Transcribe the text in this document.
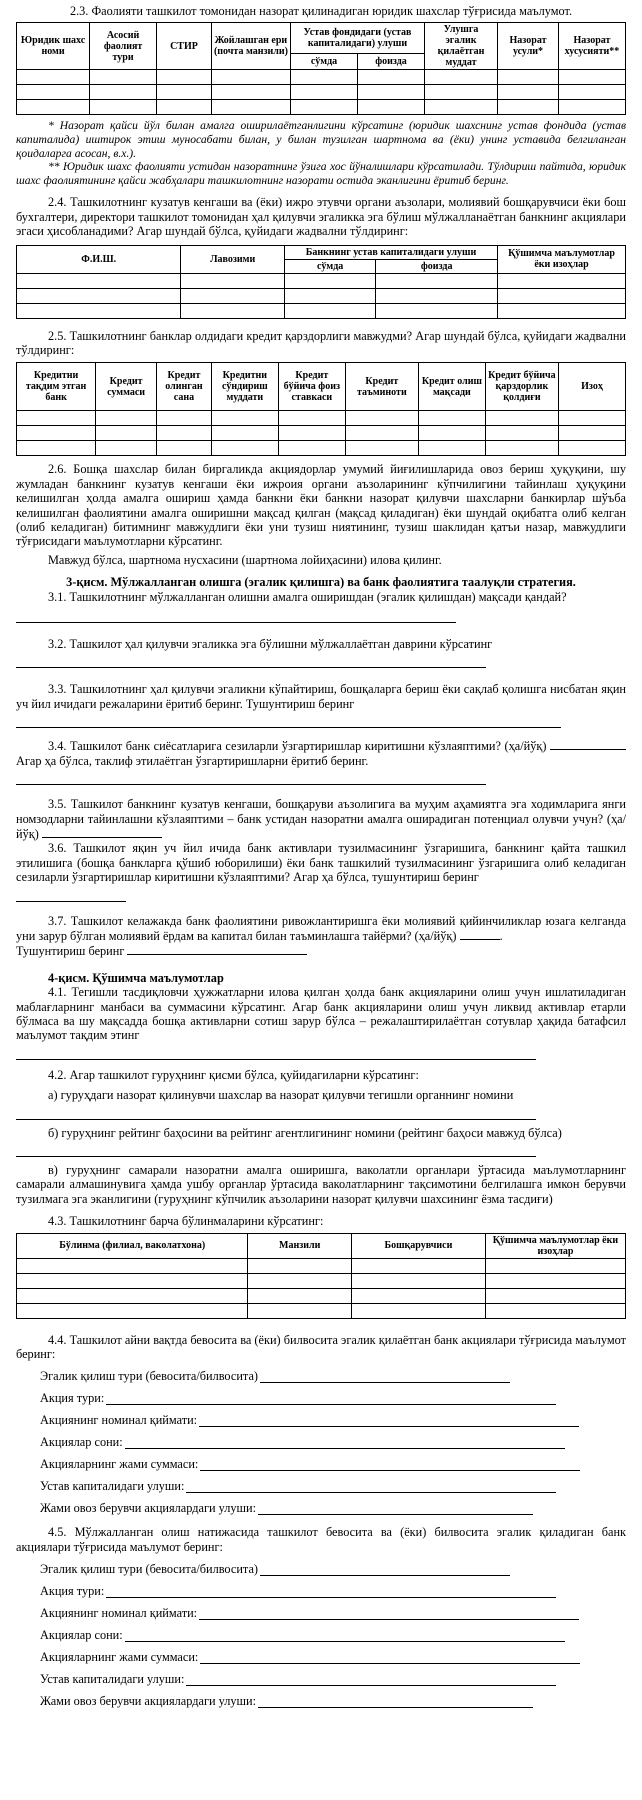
2.3. Фаолияти ташкилот томонидан назорат қилинадиган юридик шахслар тўғрисида маълумот.

Юридик шахс номи	Асосий фаолият тури	СТИР	Жойлашган ери (почта манзили)	Устав фондидаги (устав капиталидаги) улуши		Улушга эгалик қилаётган муддат	Назорат усули*	Назорат хусусияти**
				сўмда	фоизда			

* Назорат қайси йўл билан амалга оширилаётганлигини кўрсатинг (юридик шахснинг устав фондида (устав капиталида) иштирок этиш муносабати билан, у билан тузилган шартнома ва (ёки) унинг уставида белгиланган қоидаларга асосан, в.х.).

** Юридик шахс фаолияти устидан назоратнинг ўзига хос йўналишлари кўрсатилади. Тўлдириш пайтида, юридик шахс фаолиятининг қайси жабҳалари ташкилотнинг назорати остида эканлигини ёритиб беринг.

2.4. Ташкилотнинг кузатув кенгаши ва (ёки) ижро этувчи органи аъзолари, молиявий бошқарувчиси ёки бош бухгалтери, директори ташкилот томонидан ҳал қилувчи эгаликка эга бўлиш мўлжалланаётган банкнинг акциялари эгаси ҳисобланадими? Агар шундай бўлса, қуйидаги жадвални тўлдиринг:

Ф.И.Ш.	Лавозими	Банкнинг устав капиталидаги улуши		Қўшимча маълумотлар ёки изоҳлар
		сўмда	фоизда	

2.5. Ташкилотнинг банклар олдидаги кредит қарздорлиги мавжудми? Агар шундай бўлса, қуйидаги жадвални тўлдиринг:

Кредитни тақдим этган банк	Кредит суммаси	Кредит олинган сана	Кредитни сўндириш муддати	Кредит бўйича фоиз ставкаси	Кредит таъминоти	Кредит олиш мақсади	Кредит бўйича қарздорлик қолдиғи	Изоҳ

2.6. Бошқа шахслар билан биргаликда акциядорлар умумий йиғилишларида овоз бериш ҳуқуқини, шу жумладан банкнинг кузатув кенгаши ёки ижроия органи аъзоларининг кўпчилигини тайинлаш ҳуқуқини келишилган ҳолда амалга ошириш ҳамда банкни ёки банкни назорат қилувчи шахсларни банкирлар шўъба келишилган фаолиятини амалга оширишни мақсад қилган (мақсад қиладиган) ёки шундай оқибатга олиб келган (олиб келадиган) битимнинг мавжудлиги ёки уни тузиш ниятининг, тузиш шаклидан қатъи назар, мавжудлиги тўғрисидаги маълумотларни кўрсатинг.

Мавжуд бўлса, шартнома нусхасини (шартнома лойиҳасини) илова қилинг.

3-қисм. Мўлжалланган олишга (эгалик қилишга) ва банк фаолиятига таалуқли стратегия.

3.1. Ташкилотнинг мўлжалланган олишни амалга оширишдан (эгалик қилишдан) мақсади қандай?

3.2. Ташкилот ҳал қилувчи эгаликка эга бўлишни мўлжаллаётган даврини кўрсатинг

3.3. Ташкилотнинг ҳал қилувчи эгаликни кўпайтириш, бошқаларга бериш ёки сақлаб қолишга нисбатан яқин уч йил ичидаги режаларини ёритиб беринг. Тушунтириш беринг

3.4. Ташкилот банк сиёсатларига сезиларли ўзгартиришлар киритишни кўзлаяптими? (ҳа/йўқ)  Агар ҳа бўлса, таклиф этилаётган ўзгартиришларни ёритиб беринг.

3.5. Ташкилот банкнинг кузатув кенгаши, бошқаруви аъзолигига ва муҳим аҳамиятга эга ходимларига янги номзодларни тайинлашни кўзлаяптими – банк устидан назоратни амалга оширадиган потенциал олувчи учун? (ҳа/йўқ)

3.6. Ташкилот яқин уч йил ичида банк активлари тузилмасининг ўзгаришига, банкнинг қайта ташкил этилишига (бошқа банкларга қўшиб юборилиши) ёки банк ташкилий тузилмасининг ўзгаришига олиб келадиган сезиларли ўзгартиришлар киритишни кўзлаяптими? Агар ҳа бўлса, тушунтириш беринг

3.7. Ташкилот келажакда банк фаолиятини ривожлантиришга ёки молиявий қийинчиликлар юзага келганда уни зарур бўлган молиявий ёрдам ва капитал билан таъминлашга тайёрми? (ҳа/йўқ)	.

Тушунтириш беринг

4-қисм. Қўшимча маълумотлар

4.1. Тегишли тасдиқловчи ҳужжатларни илова қилган ҳолда банк акцияларини олиш учун ишлатиладиган маблағларнинг манбаси ва суммасини кўрсатинг. Агар банк акцияларини олиш учун ликвид активлар етарли бўлмаса ва шу мақсадда бошқа активларни сотиш зарур бўлса – режалаштирилаётган сотувлар ҳақида батафсил маълумот тақдим этинг

4.2. Агар ташкилот гуруҳнинг қисми бўлса, қуйидагиларни кўрсатинг:

а) гуруҳдаги назорат қилинувчи шахслар ва назорат қилувчи тегишли органнинг номини

б) гуруҳнинг рейтинг баҳосини ва рейтинг агентлигининг номини (рейтинг баҳоси мавжуд бўлса)

в) гуруҳнинг самарали назоратни амалга оширишга, ваколатли органлари ўртасида маълумотларнинг самарали алмашинувига ҳамда ушбу органлар ўртасида ваколатларнинг тақсимотини белгилашга имкон берувчи тузилмага эга эканлигини (гуруҳнинг кўпчилик аъзоларини назорат қилувчи шахсининг ёзма тасдиғи)

4.3. Ташкилотнинг барча бўлинмаларини кўрсатинг:

Бўлинма (филиал, ваколатхона)	Манзили	Бошқарувчиси	Қўшимча маълумотлар ёки изоҳлар

4.4. Ташкилот айни вақтда бевосита ва (ёки) билвосита эгалик қилаётган банк акциялари тўғрисида маълумот беринг:

Эгалик қилиш тури (бевосита/билвосита)
Акция тури:
Акциянинг номинал қиймати:
Акциялар сони:
Акцияларнинг жами суммаси:
Устав капиталидаги улуши:
Жами овоз берувчи акциялардаги улуши:

4.5. Мўлжалланган олиш натижасида ташкилот бевосита ва (ёки) билвосита эгалик қиладиган банк акциялари тўғрисида маълумот беринг:

Эгалик қилиш тури (бевосита/билвосита)
Акция тури:
Акциянинг номинал қиймати:
Акциялар сони:
Акцияларнинг жами суммаси:
Устав капиталидаги улуши:
Жами овоз берувчи акциялардаги улуши:
